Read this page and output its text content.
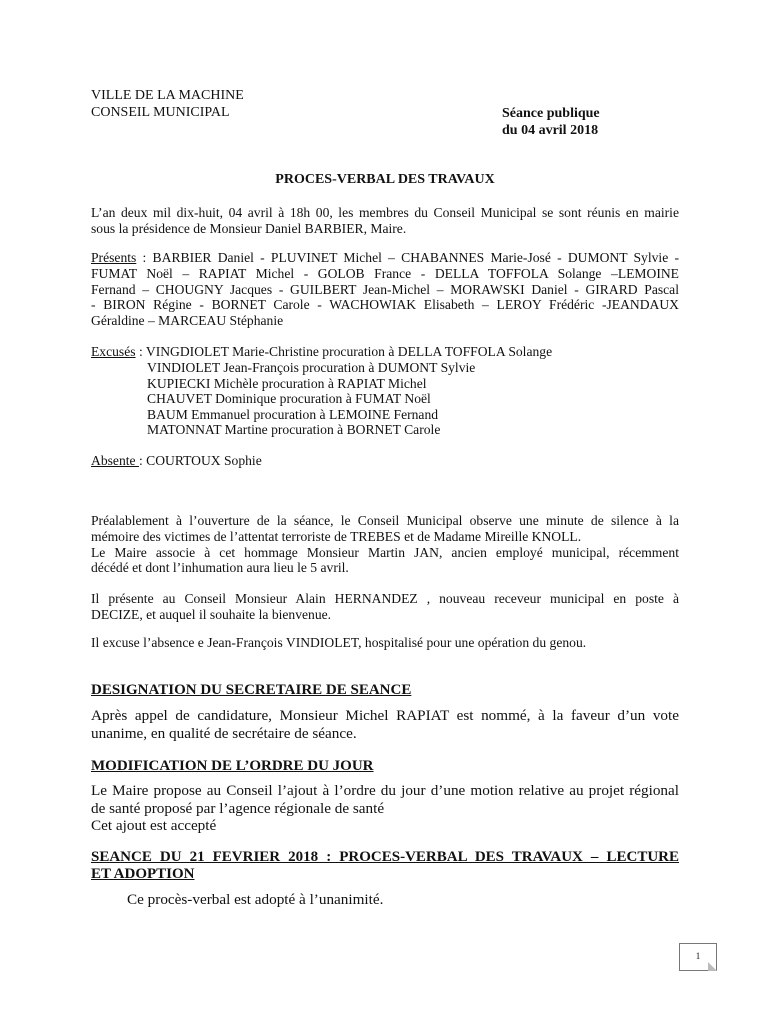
VILLE DE LA MACHINE
CONSEIL MUNICIPAL	Séance publique
du 04 avril 2018
PROCES-VERBAL DES TRAVAUX
L’an deux mil dix-huit, 04 avril à 18h 00, les membres du Conseil Municipal se sont réunis en mairie
sous la présidence de Monsieur Daniel BARBIER, Maire.
Présents : BARBIER Daniel - PLUVINET Michel – CHABANNES Marie-José - DUMONT Sylvie -
FUMAT Noël – RAPIAT Michel - GOLOB France - DELLA TOFFOLA Solange –LEMOINE
Fernand – CHOUGNY Jacques - GUILBERT Jean-Michel – MORAWSKI Daniel - GIRARD Pascal
- BIRON Régine - BORNET Carole - WACHOWIAK Elisabeth – LEROY Frédéric -JEANDAUX
Géraldine – MARCEAU Stéphanie
Excusés : VINGDIOLET Marie-Christine procuration à DELLA TOFFOLA Solange
VINDIOLET Jean-François procuration à DUMONT Sylvie
KUPIECKI Michèle procuration à RAPIAT Michel
CHAUVET Dominique procuration à FUMAT Noël
BAUM Emmanuel procuration à LEMOINE Fernand
MATONNAT Martine procuration à BORNET Carole
Absente : COURTOUX Sophie
Préalablement à l’ouverture de la séance, le Conseil Municipal observe une minute de silence à la
mémoire des victimes de l’attentat terroriste de TREBES et de Madame Mireille KNOLL.
Le Maire associe à cet hommage Monsieur Martin JAN, ancien employé municipal, récemment
décédé et dont l’inhumation aura lieu le 5 avril.
Il présente au Conseil Monsieur Alain HERNANDEZ , nouveau receveur municipal en poste à
DECIZE, et auquel il souhaite la bienvenue.
Il excuse l’absence e Jean-François VINDIOLET, hospitalisé pour une opération du genou.
DESIGNATION DU SECRETAIRE DE SEANCE
Après appel de candidature, Monsieur Michel RAPIAT est nommé, à la faveur d’un vote
unanime, en qualité de secrétaire de séance.
MODIFICATION DE L’ORDRE DU JOUR
Le Maire propose au Conseil l’ajout à l’ordre du jour d’une motion relative au projet régional
de santé proposé par l’agence régionale de santé
Cet ajout est accepté
SEANCE DU 21 FEVRIER 2018 : PROCES-VERBAL DES TRAVAUX – LECTURE
ET ADOPTION
Ce procès-verbal est adopté à l’unanimité.
1
